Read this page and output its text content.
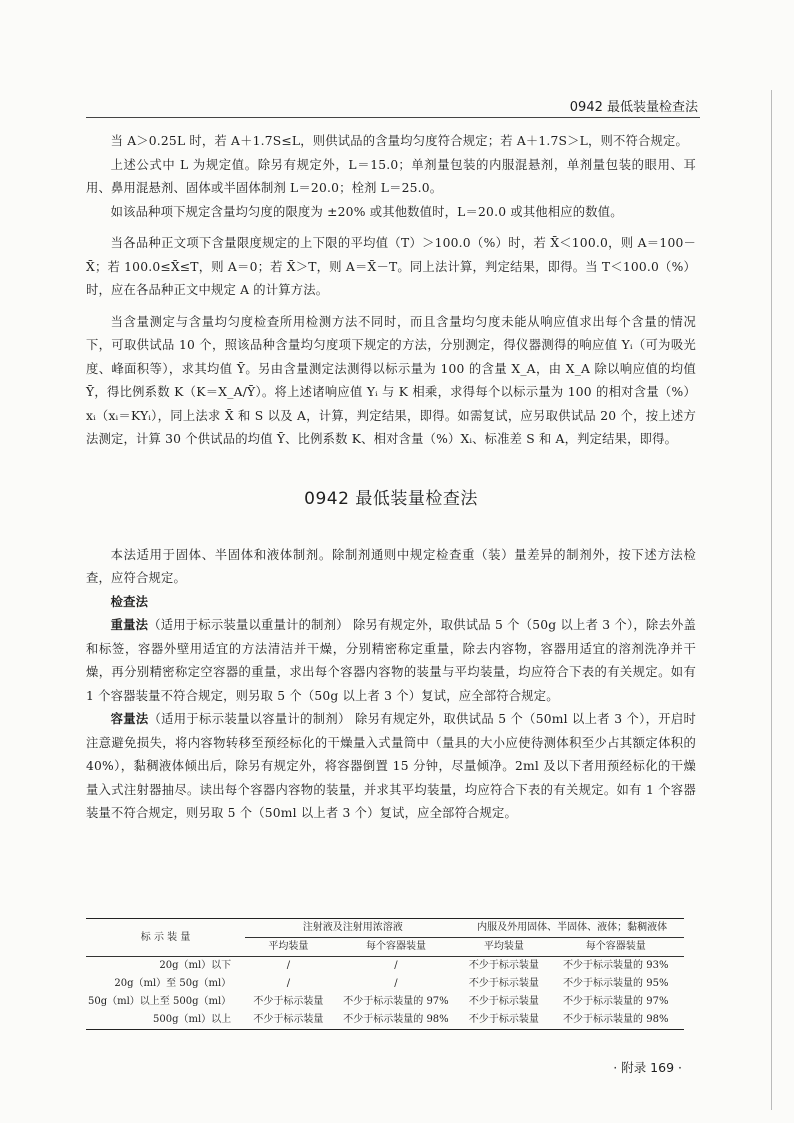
0942 最低装量检查法

当 A＞0.25L 时，若 A＋1.7S≤L，则供试品的含量均匀度符合规定；若 A＋1.7S＞L，则不符合规定。

上述公式中 L 为规定值。除另有规定外，L＝15.0；单剂量包装的内服混悬剂，单剂量包装的眼用、耳用、鼻用混悬剂、固体或半固体制剂 L＝20.0；栓剂 L＝25.0。

如该品种项下规定含量均匀度的限度为 ±20% 或其他数值时，L＝20.0 或其他相应的数值。

当各品种正文项下含量限度规定的上下限的平均值（T）＞100.0（%）时，若 X̄＜100.0，则 A＝100－X̄；若 100.0≤X̄≤T，则 A＝0；若 X̄＞T，则 A＝X̄－T。同上法计算，判定结果，即得。当 T＜100.0（%）时，应在各品种正文中规定 A 的计算方法。

当含量测定与含量均匀度检查所用检测方法不同时，而且含量均匀度未能从响应值求出每个含量的情况下，可取供试品 10 个，照该品种含量均匀度项下规定的方法，分别测定，得仪器测得的响应值 Yᵢ（可为吸光度、峰面积等），求其均值 Ȳ。另由含量测定法测得以标示量为 100 的含量 X_A，由 X_A 除以响应值的均值 Ȳ，得比例系数 K（K＝X_A/Ȳ）。将上述诸响应值 Yᵢ 与 K 相乘，求得每个以标示量为 100 的相对含量（%）xᵢ（xᵢ＝KYᵢ），同上法求 X̄ 和 S 以及 A，计算，判定结果，即得。如需复试，应另取供试品 20 个，按上述方法测定，计算 30 个供试品的均值 Ȳ、比例系数 K、相对含量（%）Xᵢ、标准差 S 和 A，判定结果，即得。

0942 最低装量检查法

本法适用于固体、半固体和液体制剂。除制剂通则中规定检查重（装）量差异的制剂外，按下述方法检查，应符合规定。

检查法

重量法（适用于标示装量以重量计的制剂） 除另有规定外，取供试品 5 个（50g 以上者 3 个），除去外盖和标签，容器外壁用适宜的方法清洁并干燥，分别精密称定重量，除去内容物，容器用适宜的溶剂洗净并干燥，再分别精密称定空容器的重量，求出每个容器内容物的装量与平均装量，均应符合下表的有关规定。如有 1 个容器装量不符合规定，则另取 5 个（50g 以上者 3 个）复试，应全部符合规定。

容量法（适用于标示装量以容量计的制剂） 除另有规定外，取供试品 5 个（50ml 以上者 3 个），开启时注意避免损失，将内容物转移至预经标化的干燥量入式量筒中（量具的大小应使待测体积至少占其额定体积的 40%），黏稠液体倾出后，除另有规定外，将容器倒置 15 分钟，尽量倾净。2ml 及以下者用预经标化的干燥量入式注射器抽尽。读出每个容器内容物的装量，并求其平均装量，均应符合下表的有关规定。如有 1 个容器装量不符合规定，则另取 5 个（50ml 以上者 3 个）复试，应全部符合规定。

标 示 装 量	注射液及注射用浓溶液		内服及外用固体、半固体、液体；黏稠液体	
	平均装量	每个容器装量	平均装量	每个容器装量
20g（ml）以下	/	/	不少于标示装量	不少于标示装量的 93%
20g（ml）至 50g（ml）	/	/	不少于标示装量	不少于标示装量的 95%
50g（ml）以上至 500g（ml）	不少于标示装量	不少于标示装量的 97%	不少于标示装量	不少于标示装量的 97%
500g（ml）以上	不少于标示装量	不少于标示装量的 98%	不少于标示装量	不少于标示装量的 98%
· 附录 169 ·
